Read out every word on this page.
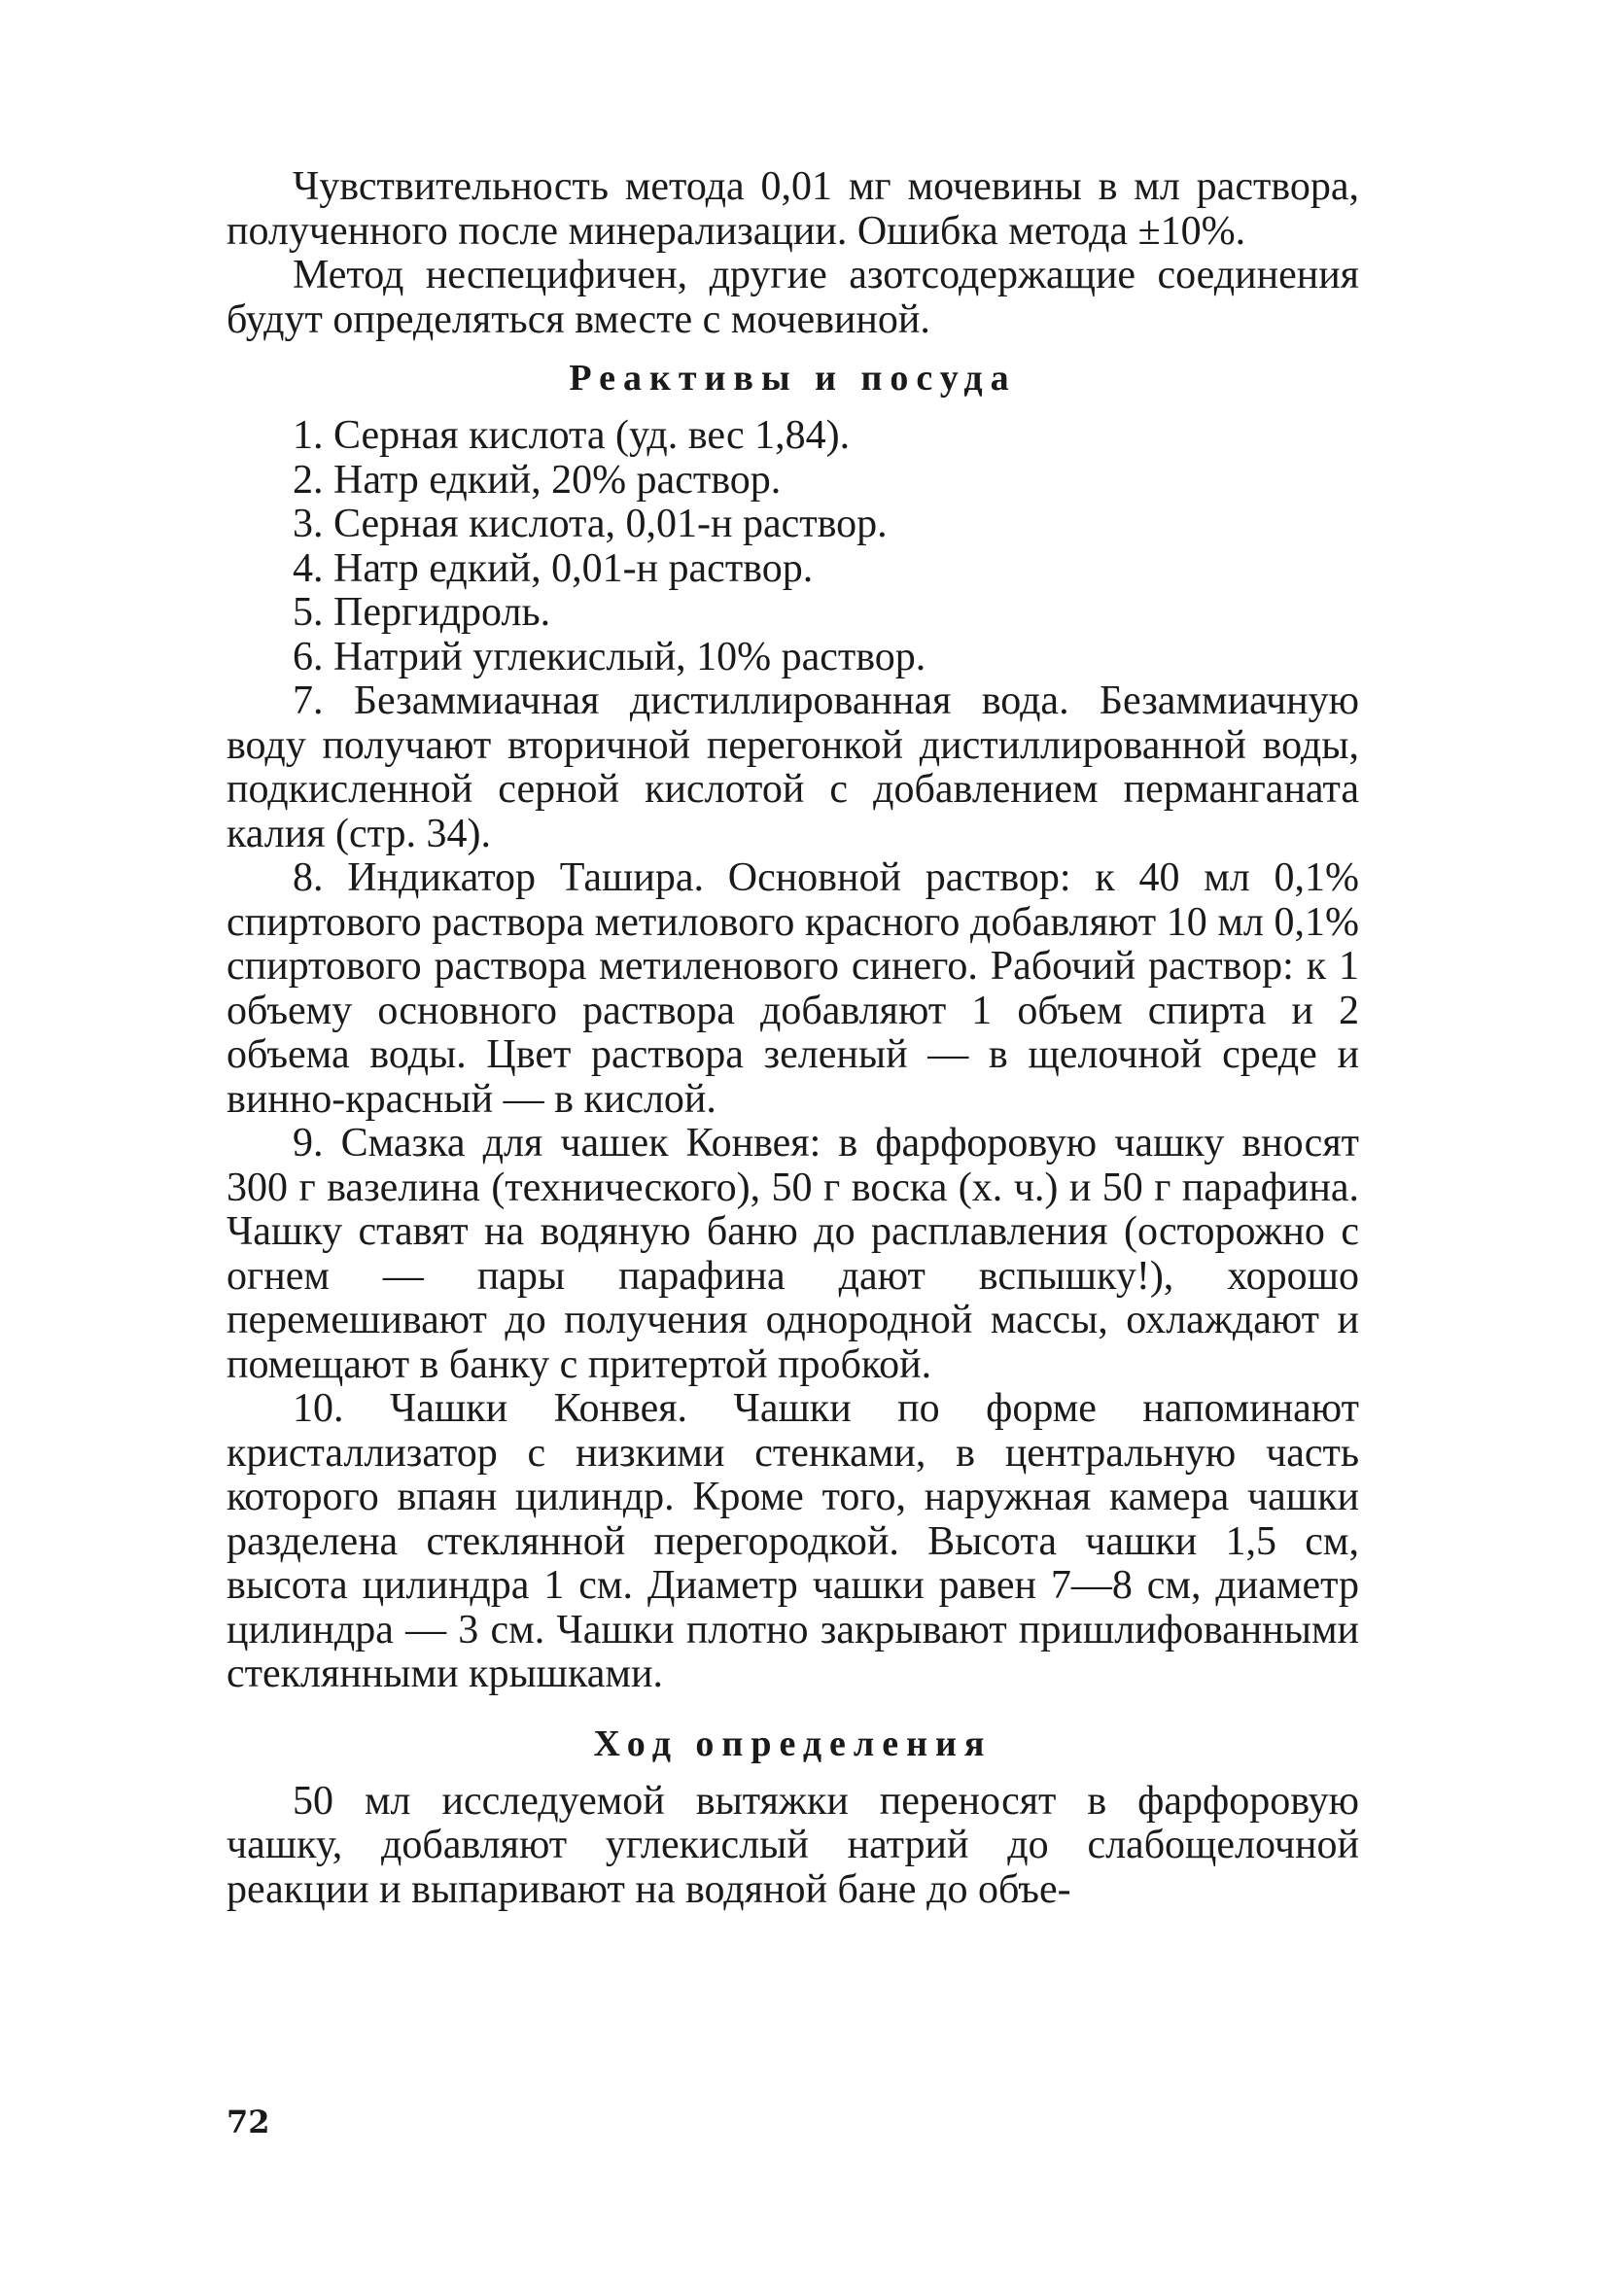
Чувствительность метода 0,01 мг мочевины в мл раствора, полученного после минерализации. Ошибка метода ±10%.

Метод неспецифичен, другие азотсодержащие соединения будут определяться вместе с мочевиной.

Реактивы и посуда
1. Серная кислота (уд. вес 1,84).
2. Натр едкий, 20% раствор.
3. Серная кислота, 0,01-н раствор.
4. Натр едкий, 0,01-н раствор.
5. Пергидроль.
6. Натрий углекислый, 10% раствор.
7. Безаммиачная дистиллированная вода. Безаммиачную воду получают вторичной перегонкой дистиллированной воды, подкисленной серной кислотой с добавлением перманганата калия (стр. 34).
8. Индикатор Ташира. Основной раствор: к 40 мл 0,1% спиртового раствора метилового красного добавляют 10 мл 0,1% спиртового раствора метиленового синего. Рабочий раствор: к 1 объему основного раствора добавляют 1 объем спирта и 2 объема воды. Цвет раствора зеленый — в щелочной среде и винно-красный — в кислой.
9. Смазка для чашек Конвея: в фарфоровую чашку вносят 300 г вазелина (технического), 50 г воска (х. ч.) и 50 г парафина. Чашку ставят на водяную баню до расплавления (осторожно с огнем — пары парафина дают вспышку!), хорошо перемешивают до получения однородной массы, охлаждают и помещают в банку с притертой пробкой.
10. Чашки Конвея. Чашки по форме напоминают кристаллизатор с низкими стенками, в центральную часть которого впаян цилиндр. Кроме того, наружная камера чашки разделена стеклянной перегородкой. Высота чашки 1,5 см, высота цилиндра 1 см. Диаметр чашки равен 7—8 см, диаметр цилиндра — 3 см. Чашки плотно закрывают пришлифованными стеклянными крышками.
Ход определения

50 мл исследуемой вытяжки переносят в фарфоровую чашку, добавляют углекислый натрий до слабощелочной реакции и выпаривают на водяной бане до объе-

72
